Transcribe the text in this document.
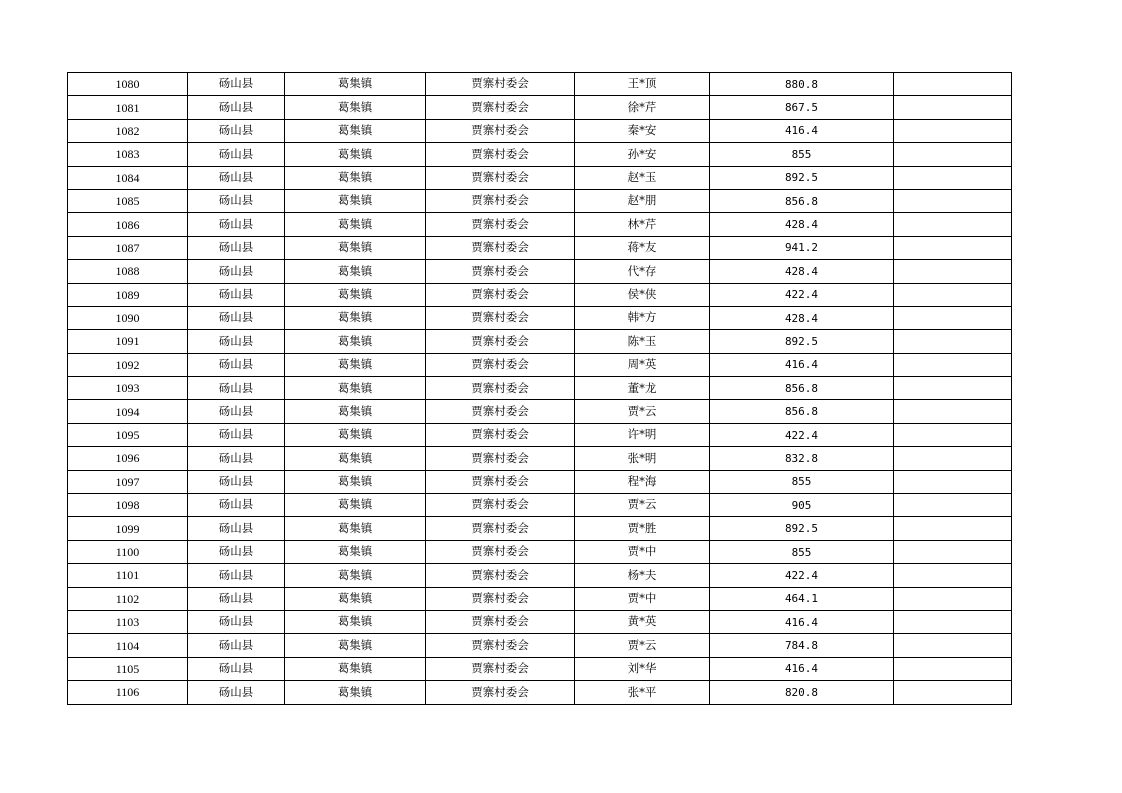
1080	砀山县	葛集镇	贾寨村委会	王*顶	880.8	
1081	砀山县	葛集镇	贾寨村委会	徐*芹	867.5	
1082	砀山县	葛集镇	贾寨村委会	秦*安	416.4	
1083	砀山县	葛集镇	贾寨村委会	孙*安	855	
1084	砀山县	葛集镇	贾寨村委会	赵*玉	892.5	
1085	砀山县	葛集镇	贾寨村委会	赵*朋	856.8	
1086	砀山县	葛集镇	贾寨村委会	林*芹	428.4	
1087	砀山县	葛集镇	贾寨村委会	蒋*友	941.2	
1088	砀山县	葛集镇	贾寨村委会	代*存	428.4	
1089	砀山县	葛集镇	贾寨村委会	侯*侠	422.4	
1090	砀山县	葛集镇	贾寨村委会	韩*方	428.4	
1091	砀山县	葛集镇	贾寨村委会	陈*玉	892.5	
1092	砀山县	葛集镇	贾寨村委会	周*英	416.4	
1093	砀山县	葛集镇	贾寨村委会	董*龙	856.8	
1094	砀山县	葛集镇	贾寨村委会	贾*云	856.8	
1095	砀山县	葛集镇	贾寨村委会	许*明	422.4	
1096	砀山县	葛集镇	贾寨村委会	张*明	832.8	
1097	砀山县	葛集镇	贾寨村委会	程*海	855	
1098	砀山县	葛集镇	贾寨村委会	贾*云	905	
1099	砀山县	葛集镇	贾寨村委会	贾*胜	892.5	
1100	砀山县	葛集镇	贾寨村委会	贾*中	855	
1101	砀山县	葛集镇	贾寨村委会	杨*夫	422.4	
1102	砀山县	葛集镇	贾寨村委会	贾*中	464.1	
1103	砀山县	葛集镇	贾寨村委会	黄*英	416.4	
1104	砀山县	葛集镇	贾寨村委会	贾*云	784.8	
1105	砀山县	葛集镇	贾寨村委会	刘*华	416.4	
1106	砀山县	葛集镇	贾寨村委会	张*平	820.8	
